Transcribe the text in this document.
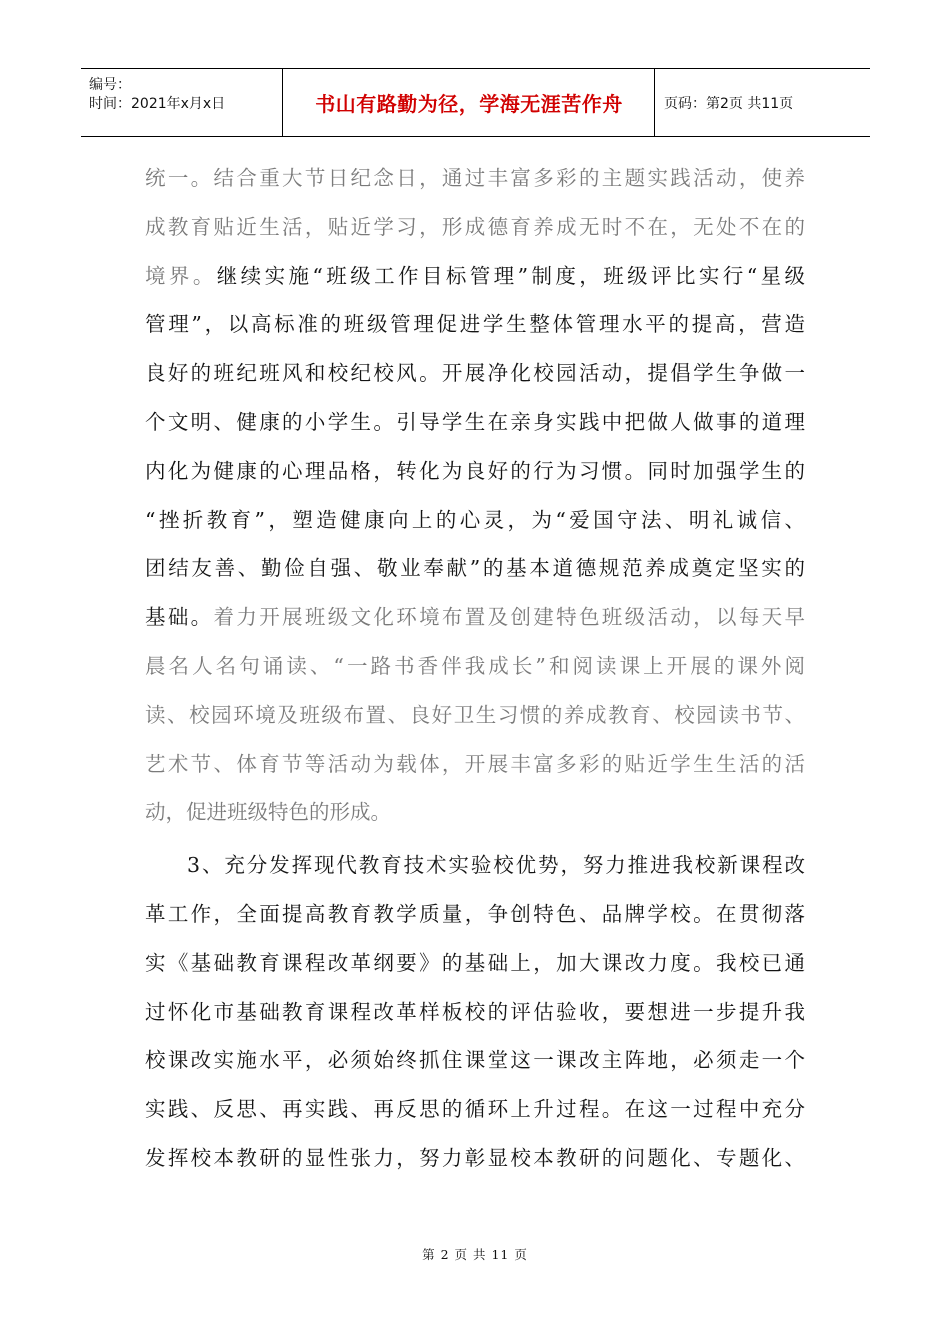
编号：
时间：2021年x月x日	书山有路勤为径，学海无涯苦作舟	页码：第2页 共11页
统一。结合重大节日纪念日，通过丰富多彩的主题实践活动，使养
成教育贴近生活，贴近学习，形成德育养成无时不在，无处不在的
境界。继续实施“班级工作目标管理”制度，班级评比实行“星级
管理”，以高标准的班级管理促进学生整体管理水平的提高，营造
良好的班纪班风和校纪校风。开展净化校园活动，提倡学生争做一
个文明、健康的小学生。引导学生在亲身实践中把做人做事的道理
内化为健康的心理品格，转化为良好的行为习惯。同时加强学生的
“挫折教育”，塑造健康向上的心灵，为“爱国守法、明礼诚信、
团结友善、勤俭自强、敬业奉献”的基本道德规范养成奠定坚实的
基础。着力开展班级文化环境布置及创建特色班级活动，以每天早
晨名人名句诵读、“一路书香伴我成长”和阅读课上开展的课外阅
读、校园环境及班级布置、良好卫生习惯的养成教育、校园读书节、
艺术节、体育节等活动为载体，开展丰富多彩的贴近学生生活的活
动，促进班级特色的形成。
3、充分发挥现代教育技术实验校优势，努力推进我校新课程改
革工作，全面提高教育教学质量，争创特色、品牌学校。在贯彻落
实《基础教育课程改革纲要》的基础上，加大课改力度。我校已通
过怀化市基础教育课程改革样板校的评估验收，要想进一步提升我
校课改实施水平，必须始终抓住课堂这一课改主阵地，必须走一个
实践、反思、再实践、再反思的循环上升过程。在这一过程中充分
发挥校本教研的显性张力，努力彰显校本教研的问题化、专题化、
第 2 页 共 11 页
